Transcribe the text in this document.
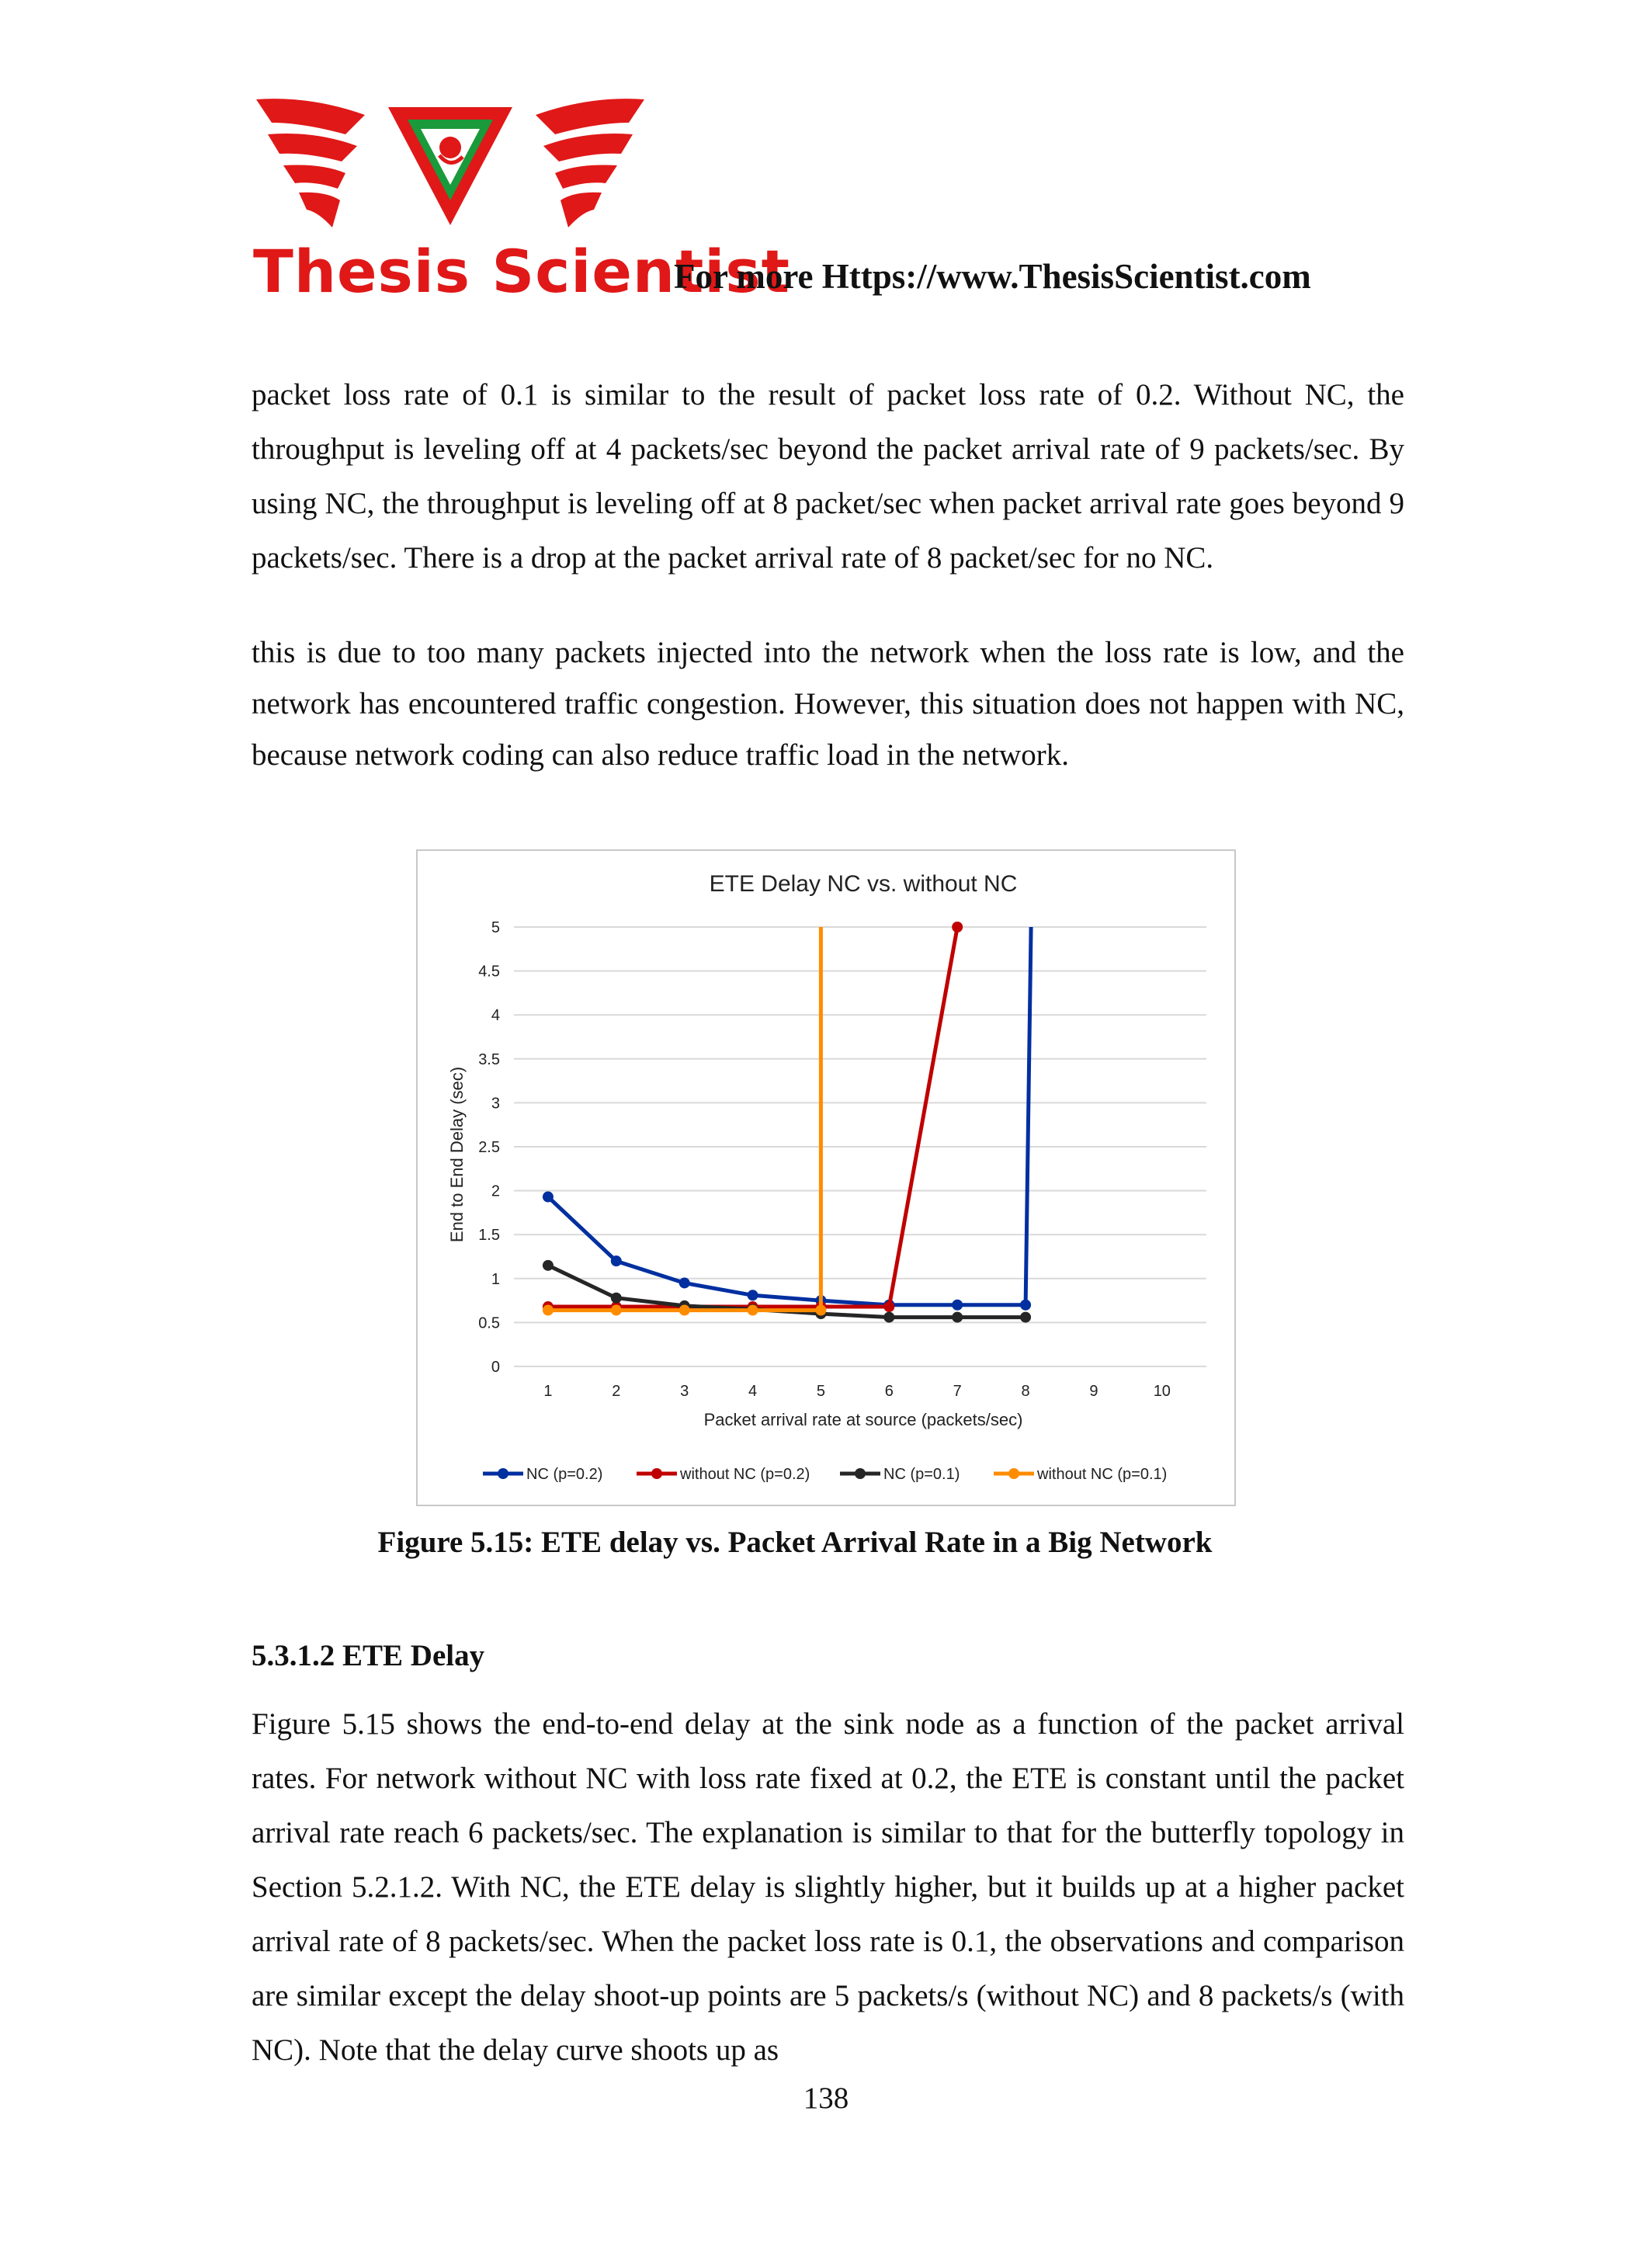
Thesis Scientist
For more Https://www.ThesisScientist.com

packet loss rate of 0.1 is similar to the result of packet loss rate of 0.2. Without NC, the throughput is leveling off at 4 packets/sec beyond the packet arrival rate of 9 packets/sec. By using NC, the throughput is leveling off at 8 packet/sec when packet arrival rate goes beyond 9 packets/sec. There is a drop at the packet arrival rate of 8 packet/sec for no NC.

this is due to too many packets injected into the network when the loss rate is low, and the network has encountered traffic congestion. However, this situation does not happen with NC, because network coding can also reduce traffic load in the network.

ETE Delay NC vs. without NC
0
0.5
1
1.5
2
2.5
3
3.5
4
4.5
5
1	2	3	4	5	6	7	8	9	10
Packet arrival rate at source (packets/sec)
End to End Delay (sec)
NC (p=0.2)	without NC (p=0.2)	NC (p=0.1)	without NC (p=0.1)
Figure 5.15: ETE delay vs. Packet Arrival Rate in a Big Network
5.3.1.2 ETE Delay

Figure 5.15 shows the end-to-end delay at the sink node as a function of the packet arrival rates. For network without NC with loss rate fixed at 0.2, the ETE is constant until the packet arrival rate reach 6 packets/sec. The explanation is similar to that for the butterfly topology in Section 5.2.1.2. With NC, the ETE delay is slightly higher, but it builds up at a higher packet arrival rate of 8 packets/sec. When the packet loss rate is 0.1, the observations and comparison are similar except the delay shoot-up points are 5 packets/s (without NC) and 8 packets/s (with NC). Note that the delay curve shoots up as

138
